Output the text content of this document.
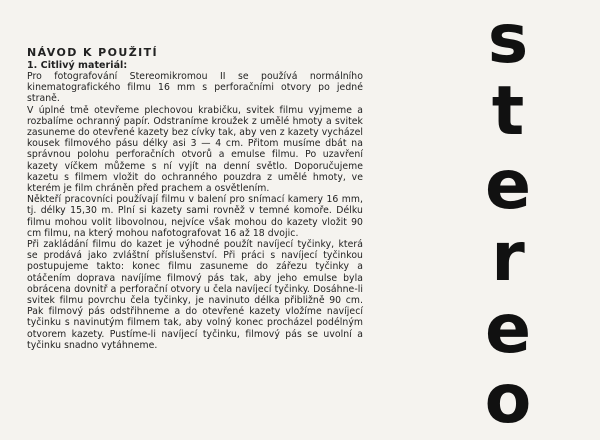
NÁVOD K POUŽITÍ
1. Citlivý materiál:

Pro fotografování Stereomikromou II se používá normálního kinematografického filmu 16 mm s perforačními otvory po jedné straně.

V úplné tmě otevřeme plechovou krabičku, svitek filmu vyjmeme a rozbalíme ochranný papír. Odstraníme kroužek z umělé hmoty a svitek zasuneme do otevřené kazety bez cívky tak, aby ven z kazety vycházel kousek filmového pásu délky asi 3 — 4 cm. Přitom musíme dbát na správnou polohu perforačních otvorů a emulse filmu. Po uzavření kazety víčkem můžeme s ní vyjít na denní světlo. Doporučujeme kazetu s filmem vložit do ochranného pouzdra z umělé hmoty, ve kterém je film chráněn před prachem a osvětlením.

Někteří pracovníci používají filmu v balení pro snímací kamery 16 mm, tj. délky 15,30 m. Plní si kazety sami rovněž v temné komoře. Délku filmu mohou volit libovolnou, nejvíce však mohou do kazety vložit 90 cm filmu, na který mohou nafotografovat 16 až 18 dvojic.

Při zakládání filmu do kazet je výhodné použít navíjecí tyčinky, která se prodává jako zvláštní příslušenství. Při práci s navíjecí tyčinkou postupujeme takto: konec filmu zasuneme do zářezu tyčinky a otáčením doprava navíjíme filmový pás tak, aby jeho emulse byla obrácena dovnitř a perforační otvory u čela navíjecí tyčinky. Dosáhne-li svitek filmu povrchu čela tyčinky, je navinuto délka přibližně 90 cm. Pak filmový pás odstřihneme a do otevřené kazety vložíme navíjecí tyčinku s navinutým filmem tak, aby volný konec procházel podélným otvorem kazety. Pustíme-li navíjecí tyčinku, filmový pás se uvolní a tyčinku snadno vytáhneme.

s
t
e
r
e
o
